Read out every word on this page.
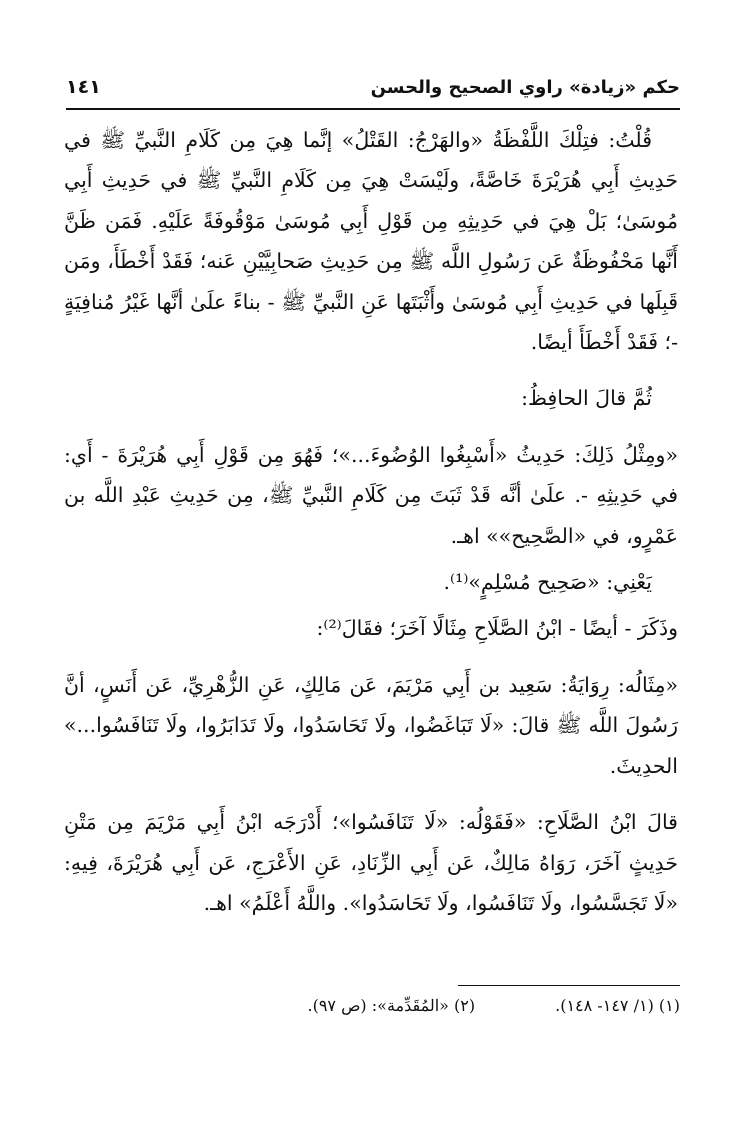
حكم «زيادة» راوي الصحيح والحسن
١٤١

قُلْتُ: فتِلْكَ اللَّفْظَةُ «والهَرْجُ: القَتْلُ» إنَّما هِيَ مِن كَلَامِ النَّبيِّ ﷺ في حَدِيثِ أَبِي هُرَيْرَةَ خَاصَّةً، ولَيْسَتْ هِيَ مِن كَلَامِ النَّبيِّ ﷺ في حَدِيثِ أَبِي مُوسَىٰ؛ بَلْ هِيَ في حَدِيثِهِ مِن قَوْلِ أَبِي مُوسَىٰ مَوْقُوفَةً عَلَيْهِ. فَمَن ظَنَّ أَنَّها مَحْفُوظَةٌ عَن رَسُولِ اللَّه ﷺ مِن حَدِيثِ صَحابِيَّيْنِ عَنه؛ فَقَدْ أَخْطَأَ، ومَن قَبِلَها في حَدِيثِ أَبِي مُوسَىٰ وأَثْبَتَها عَنِ النَّبيِّ ﷺ - بناءً علَىٰ أنَّها غَيْرُ مُنافِيَةٍ -؛ فَقَدْ أَخْطَأَ أيضًا.

ثُمَّ قالَ الحافِظُ:

«ومِثْلُ ذَلِكَ: حَدِيثُ «أَسْبِغُوا الوُضُوءَ...»؛ فَهُوَ مِن قَوْلِ أَبِي هُرَيْرَةَ - أَي: في حَدِيثِهِ -. علَىٰ أنَّه قَدْ ثَبَتَ مِن كَلَامِ النَّبيِّ ﷺ، مِن حَدِيثِ عَبْدِ اللَّه بن عَمْرٍو، في «الصَّحِيح»» اهـ.

يَعْنِي: «صَحِيح مُسْلِمٍ»⁽¹⁾.

وذَكَرَ - أيضًا - ابْنُ الصَّلَاحِ مِثَالًا آخَرَ؛ فقَالَ⁽²⁾:

«مِثَالُه: رِوَايَةُ: سَعِيد بن أَبِي مَرْيَمَ، عَن مَالِكٍ، عَنِ الزُّهْرِيِّ، عَن أَنَسٍ، أنَّ رَسُولَ اللَّه ﷺ قالَ: «لَا تَبَاغَضُوا، ولَا تَحَاسَدُوا، ولَا تَدَابَرُوا، ولَا تَنَافَسُوا...» الحدِيثَ.

قالَ ابْنُ الصَّلَاحِ: «فَقَوْلُه: «لَا تَنَافَسُوا»؛ أَدْرَجَه ابْنُ أَبِي مَرْيَمَ مِن مَتْنِ حَدِيثٍ آخَرَ، رَوَاهُ مَالِكٌ، عَن أَبِي الزِّنَادِ، عَنِ الأَعْرَجِ، عَن أَبِي هُرَيْرَةَ، فِيهِ: «لَا تَجَسَّسُوا، ولَا تَنَافَسُوا، ولَا تَحَاسَدُوا». واللَّهُ أَعْلَمُ» اهـ.

(١) (١/ ١٤٧- ١٤٨).
(٢) «المُقَدِّمة»: (ص ٩٧).
